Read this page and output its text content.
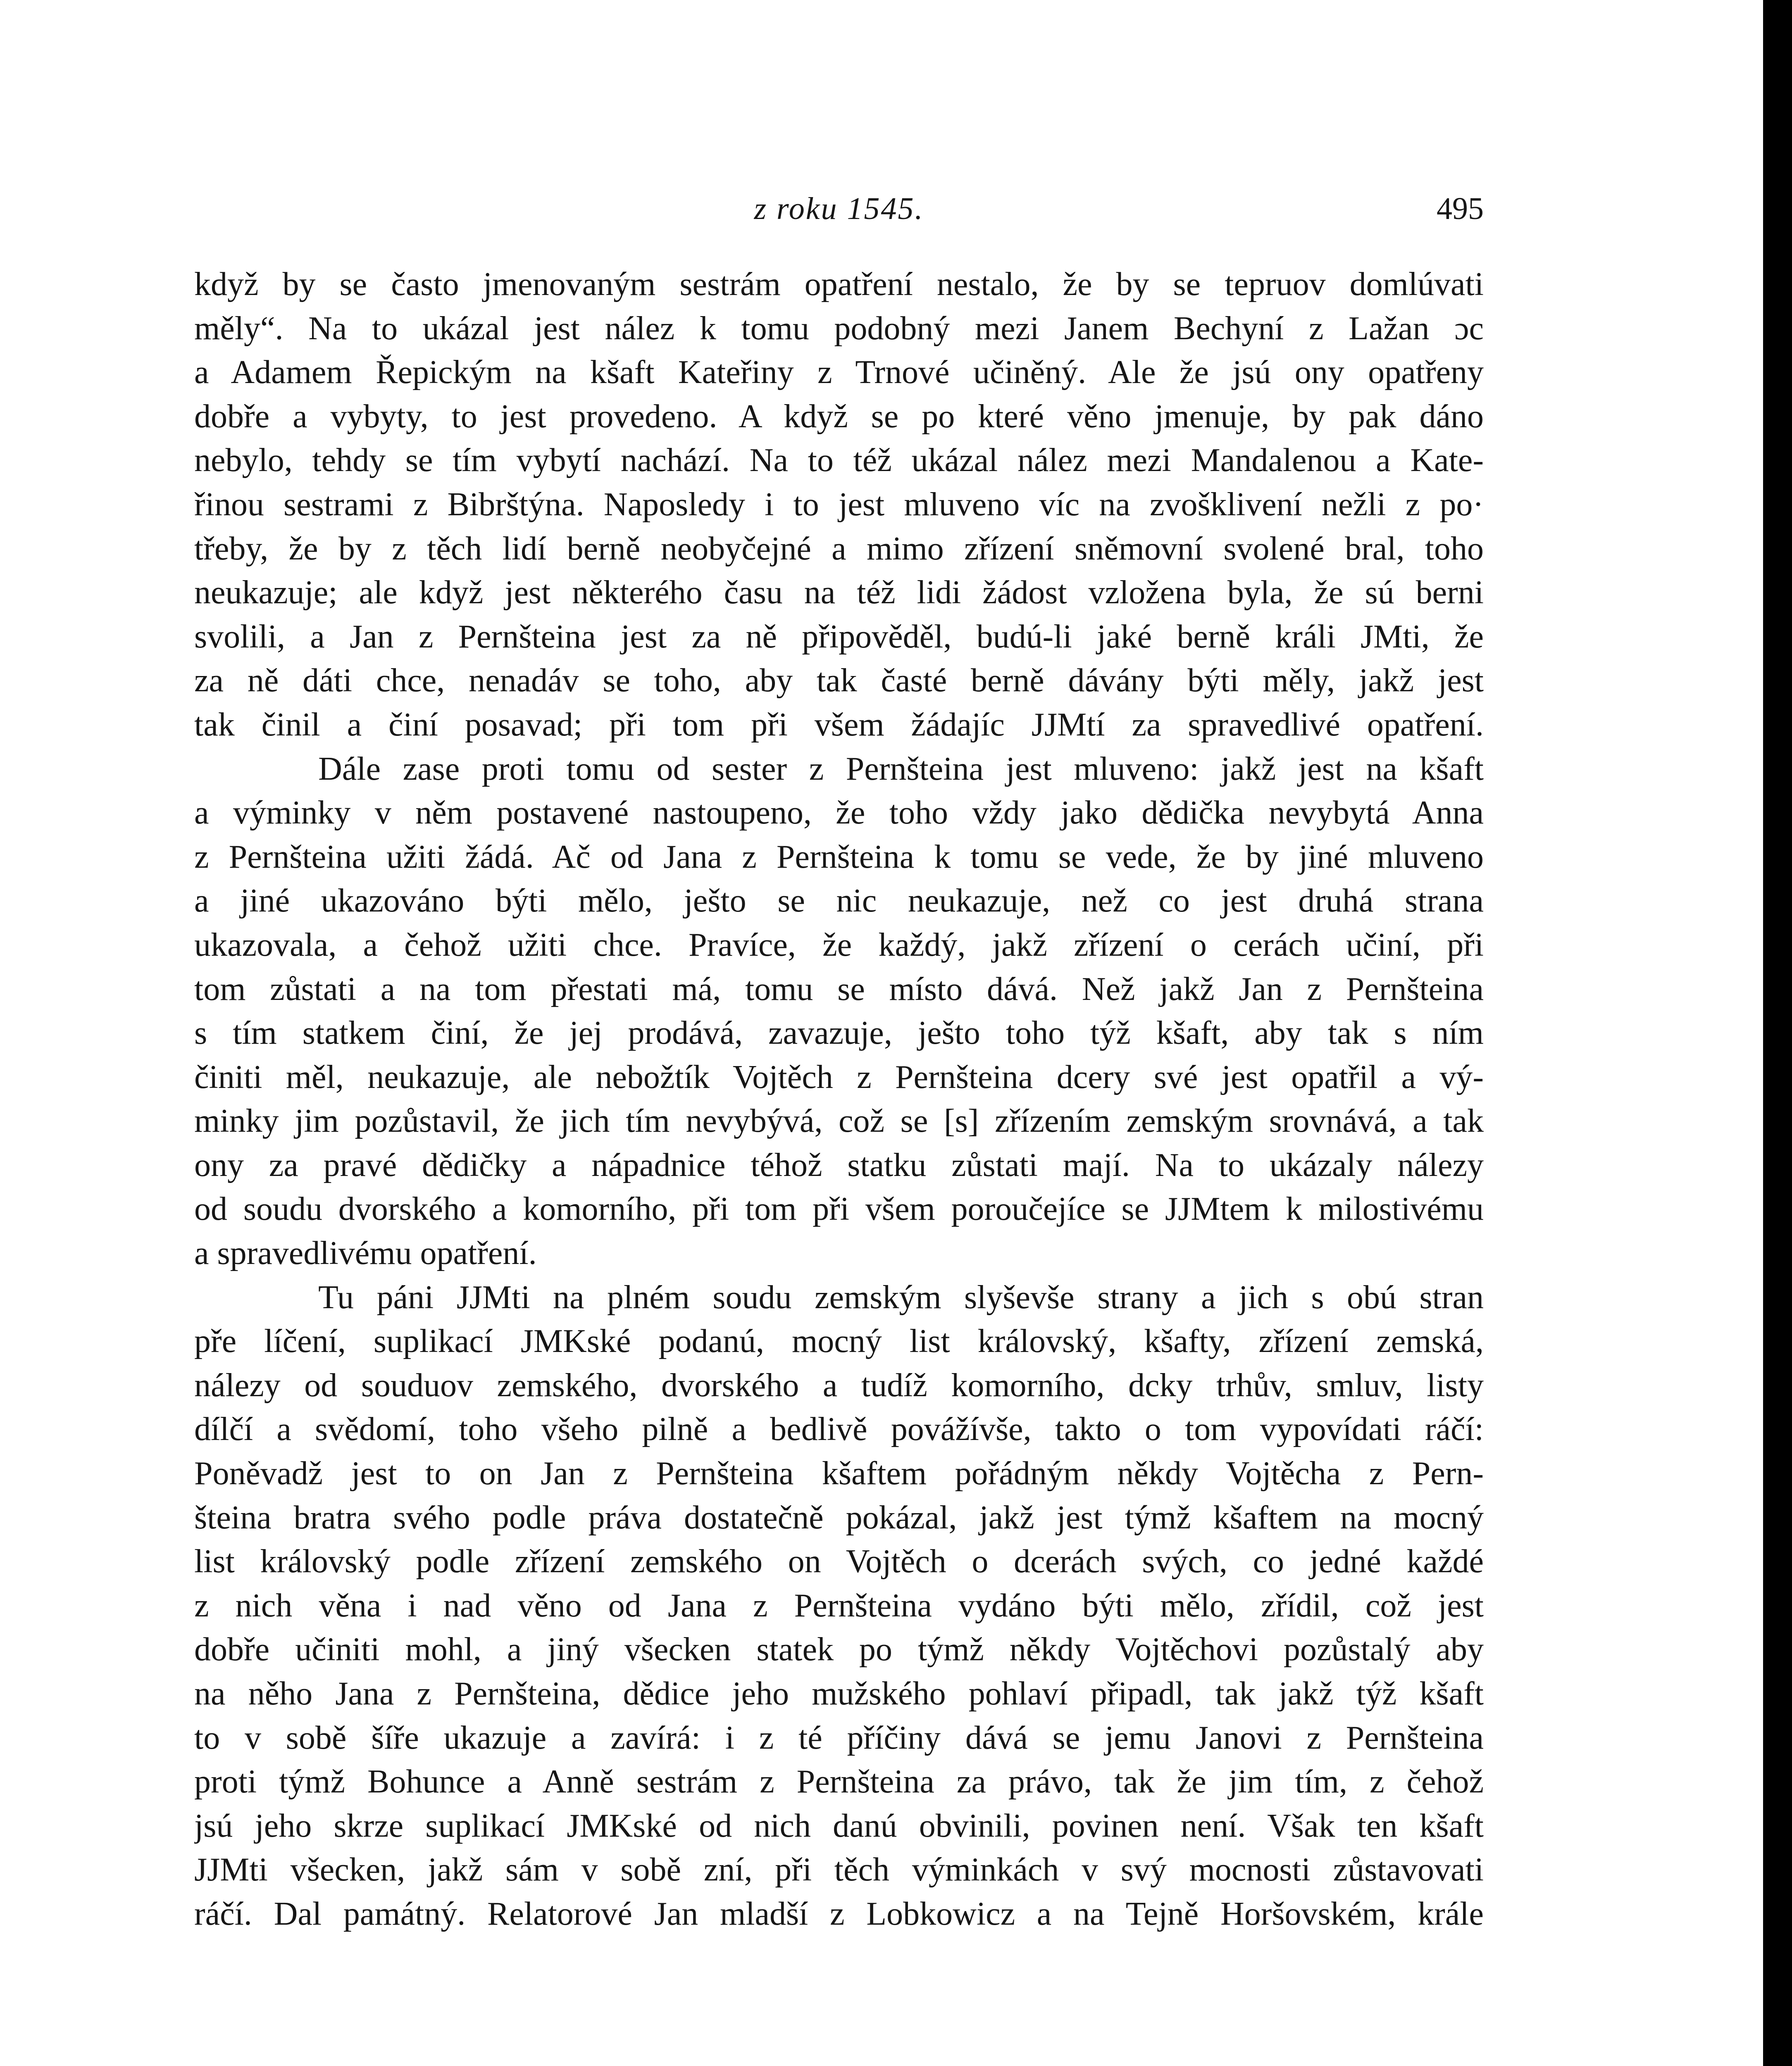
z roku 1545.	495
když by se často jmenovaným sestrám opatření nestalo, že by se tepruov domlúvati
měly“. Na to ukázal jest nález k tomu podobný mezi Janem Bechyní z Lažan ɔc
a Adamem Řepickým na kšaft Kateřiny z Trnové učiněný. Ale že jsú ony opatřeny
dobře a vybyty, to jest provedeno. A když se po které věno jmenuje, by pak dáno
nebylo, tehdy se tím vybytí nachází. Na to též ukázal nález mezi Mandalenou a Kate-
řinou sestrami z Bibrštýna. Naposledy i to jest mluveno víc na zvošklivení nežli z po·
třeby, že by z těch lidí berně neobyčejné a mimo zřízení sněmovní svolené bral, toho
neukazuje; ale když jest některého času na též lidi žádost vzložena byla, že sú berni
svolili, a Jan z Pernšteina jest za ně připověděl, budú-li jaké berně králi JMti, že
za ně dáti chce, nenadáv se toho, aby tak časté berně dávány býti měly, jakž jest
tak činil a činí posavad; při tom při všem žádajíc JJMtí za spravedlivé opatření.
Dále zase proti tomu od sester z Pernšteina jest mluveno: jakž jest na kšaft
a výminky v něm postavené nastoupeno, že toho vždy jako dědička nevybytá Anna
z Pernšteina užiti žádá. Ač od Jana z Pernšteina k tomu se vede, že by jiné mluveno
a jiné ukazováno býti mělo, ješto se nic neukazuje, než co jest druhá strana
ukazovala, a čehož užiti chce. Pravíce, že každý, jakž zřízení o cerách učiní, při
tom zůstati a na tom přestati má, tomu se místo dává. Než jakž Jan z Pernšteina
s tím statkem činí, že jej prodává, zavazuje, ješto toho týž kšaft, aby tak s ním
činiti měl, neukazuje, ale nebožtík Vojtěch z Pernšteina dcery své jest opatřil a vý-
minky jim pozůstavil, že jich tím nevybývá, což se [s] zřízením zemským srovnává, a tak
ony za pravé dědičky a nápadnice téhož statku zůstati mají. Na to ukázaly nálezy
od soudu dvorského a komorního, při tom při všem poroučejíce se JJMtem k milostivému
a spravedlivému opatření.
Tu páni JJMti na plném soudu zemským slyševše strany a jich s obú stran
pře líčení, suplikací JMKské podanú, mocný list královský, kšafty, zřízení zemská,
nálezy od souduov zemského, dvorského a tudíž komorního, dcky trhův, smluv, listy
dílčí a svědomí, toho všeho pilně a bedlivě povážívše, takto o tom vypovídati ráčí:
Poněvadž jest to on Jan z Pernšteina kšaftem pořádným někdy Vojtěcha z Pern-
šteina bratra svého podle práva dostatečně pokázal, jakž jest týmž kšaftem na mocný
list královský podle zřízení zemského on Vojtěch o dcerách svých, co jedné každé
z nich věna i nad věno od Jana z Pernšteina vydáno býti mělo, zřídil, což jest
dobře učiniti mohl, a jiný všecken statek po týmž někdy Vojtěchovi pozůstalý aby
na něho Jana z Pernšteina, dědice jeho mužského pohlaví připadl, tak jakž týž kšaft
to v sobě šíře ukazuje a zavírá: i z té příčiny dává se jemu Janovi z Pernšteina
proti týmž Bohunce a Anně sestrám z Pernšteina za právo, tak že jim tím, z čehož
jsú jeho skrze suplikací JMKské od nich danú obvinili, povinen není. Však ten kšaft
JJMti všecken, jakž sám v sobě zní, při těch výminkách v svý mocnosti zůstavovati
ráčí. Dal památný. Relatorové Jan mladší z Lobkowicz a na Tejně Horšovském, krále
